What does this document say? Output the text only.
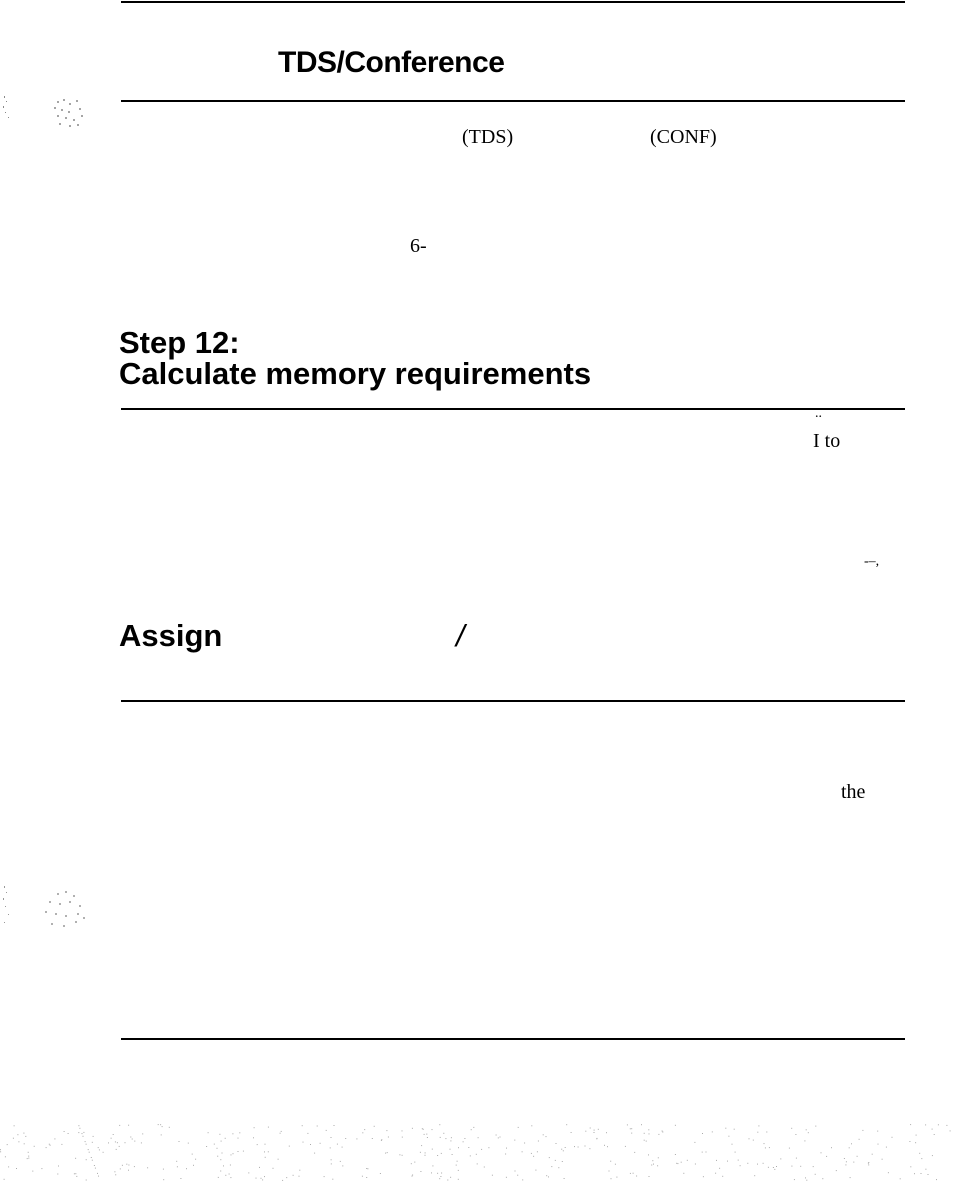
TDS/Conference
(TDS)	(CONF)
6-
Step 12:
Calculate memory requirements
..
I to
-–,
Assign	/
the
